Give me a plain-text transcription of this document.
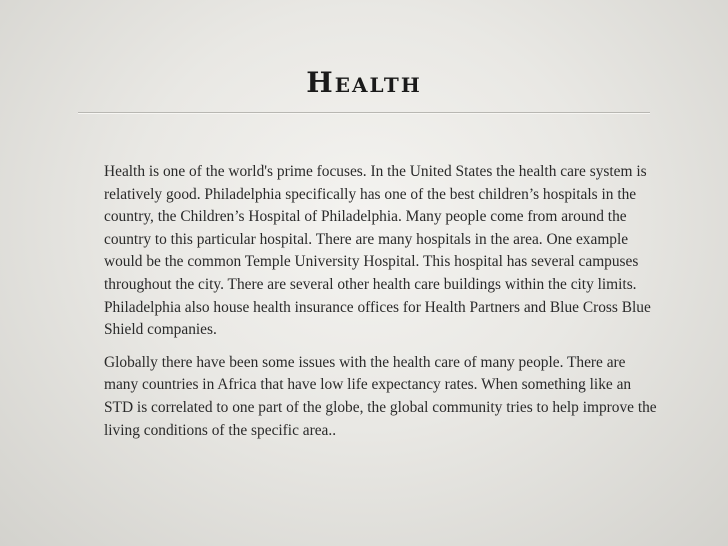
Health

Health is one of the world's prime focuses. In the United States the health care system is relatively good. Philadelphia specifically has one of the best children’s hospitals in the country, the Children’s Hospital of Philadelphia. Many people come from around the country to this particular hospital. There are many hospitals in the area. One example would be the common Temple University Hospital. This hospital has several campuses throughout the city. There are several other health care buildings within the city limits. Philadelphia also house health insurance offices for Health Partners and Blue Cross Blue Shield companies.

Globally there have been some issues with the health care of many people. There are many countries in Africa that have low life expectancy rates. When something like an STD is correlated to one part of the globe, the global community tries to help improve the living conditions of the specific area..
